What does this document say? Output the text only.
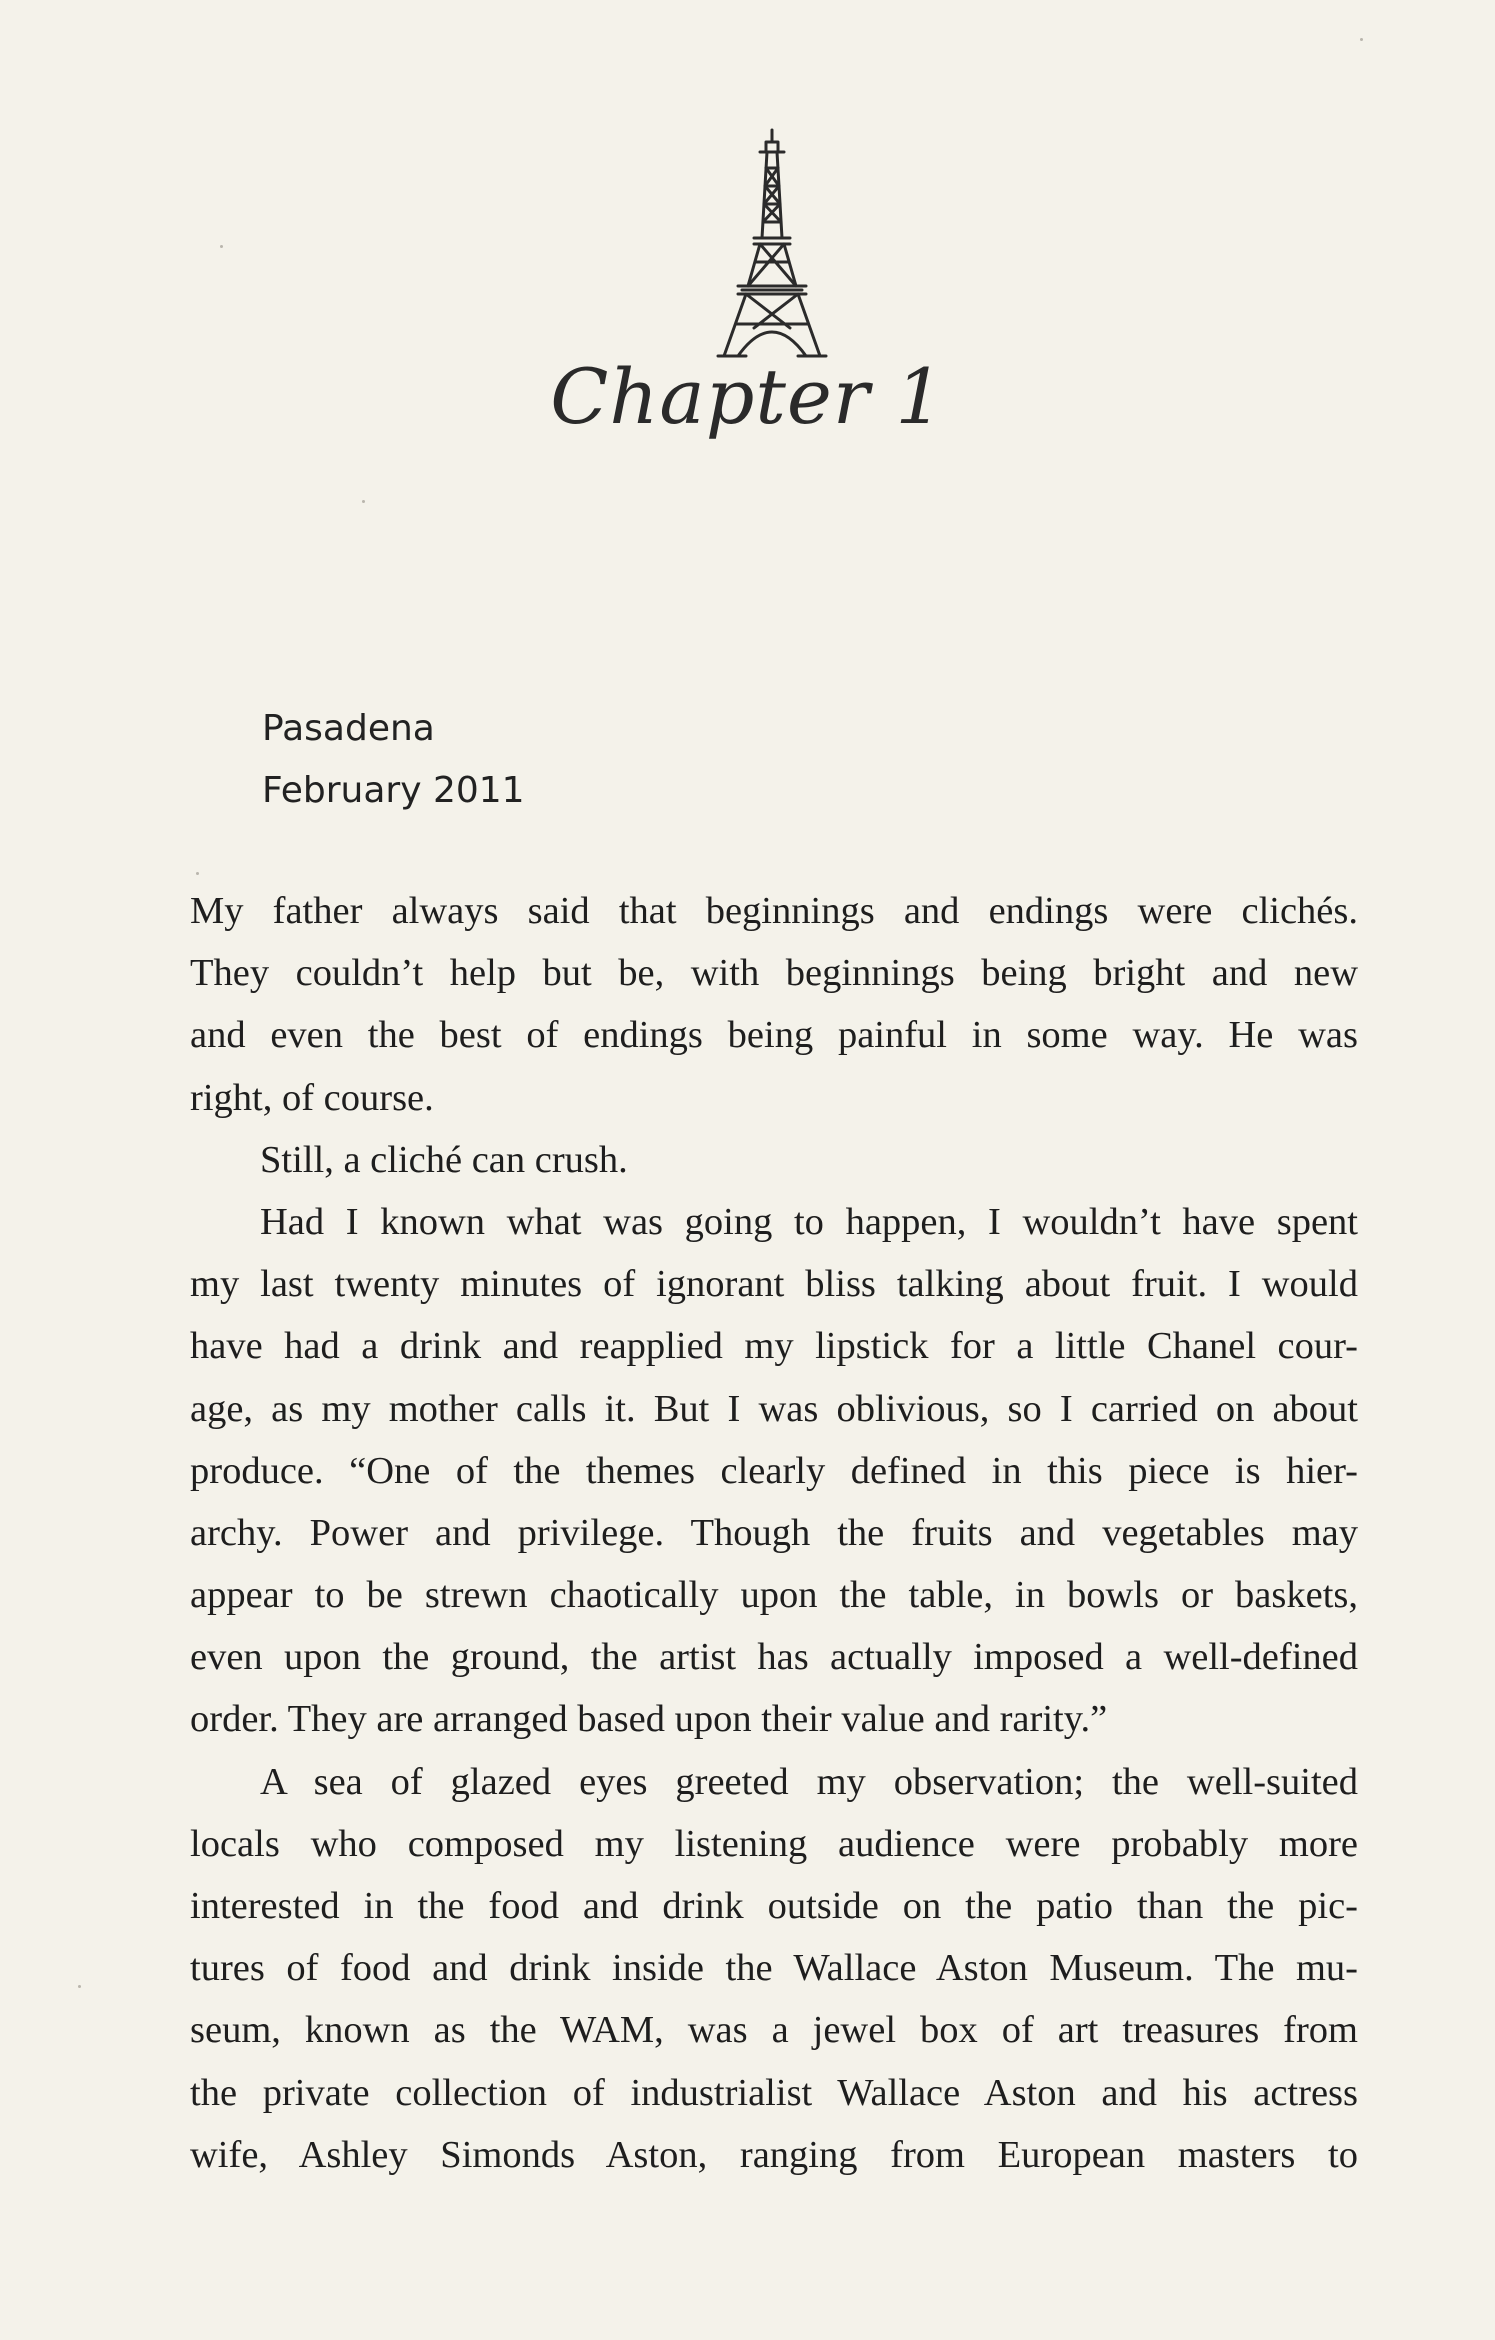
Chapter 1
Pasadena
February 2011
My father always said that beginnings and endings were clichés.
They couldn’t help but be, with beginnings being bright and new
and even the best of endings being painful in some way. He was
right, of course.
Still, a cliché can crush.
Had I known what was going to happen, I wouldn’t have spent
my last twenty minutes of ignorant bliss talking about fruit. I would
have had a drink and reapplied my lipstick for a little Chanel cour-
age, as my mother calls it. But I was oblivious, so I carried on about
produce. “One of the themes clearly defined in this piece is hier-
archy. Power and privilege. Though the fruits and vegetables may
appear to be strewn chaotically upon the table, in bowls or baskets,
even upon the ground, the artist has actually imposed a well-defined
order. They are arranged based upon their value and rarity.”
A sea of glazed eyes greeted my observation; the well-suited
locals who composed my listening audience were probably more
interested in the food and drink outside on the patio than the pic-
tures of food and drink inside the Wallace Aston Museum. The mu-
seum, known as the WAM, was a jewel box of art treasures from
the private collection of industrialist Wallace Aston and his actress
wife, Ashley Simonds Aston, ranging from European masters to
